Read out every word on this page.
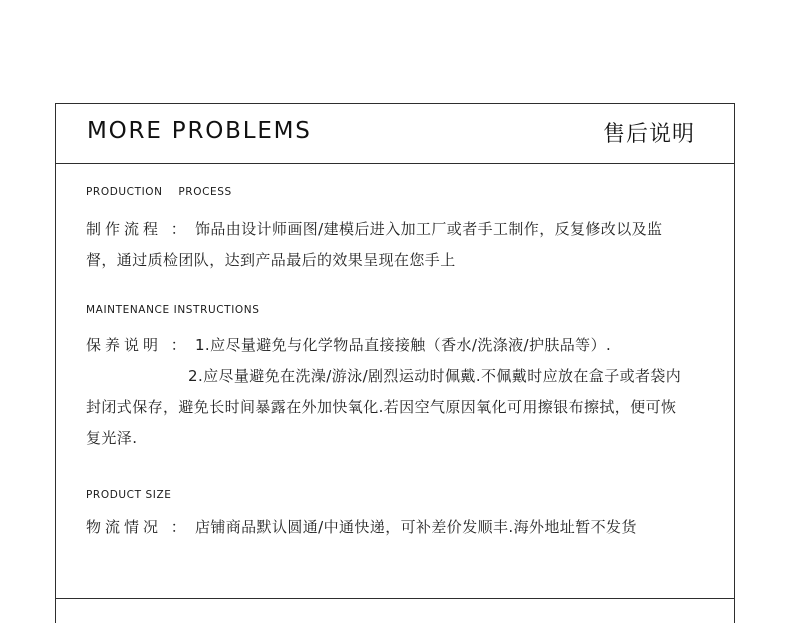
MORE PROBLEMS	售后说明
PRODUCTION    PROCESS
制作流程 ： 饰品由设计师画图/建模后进入加工厂或者手工制作，反复修改以及监
督，通过质检团队，达到产品最后的效果呈现在您手上
MAINTENANCE INSTRUCTIONS
保养说明 ： 1.应尽量避免与化学物品直接接触（香水/洗涤液/护肤品等）.
2.应尽量避免在洗澡/游泳/剧烈运动时佩戴.不佩戴时应放在盒子或者袋内
封闭式保存，避免长时间暴露在外加快氧化.若因空气原因氧化可用擦银布擦拭，便可恢
复光泽.
PRODUCT SIZE
物流情况 ： 店铺商品默认圆通/中通快递，可补差价发顺丰.海外地址暂不发货
